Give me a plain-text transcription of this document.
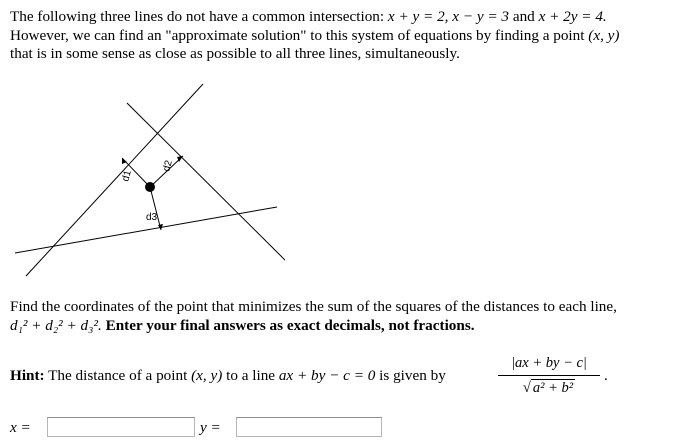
The following three lines do not have a common intersection: x + y = 2, x − y = 3 and x + 2y = 4.

However, we can find an "approximate solution" to this system of equations by finding a point (x, y)

that is in some sense as close as possible to all three lines, simultaneously.

d1
d2
d3

Find the coordinates of the point that minimizes the sum of the squares of the distances to each line,

d₁² + d₂² + d₃². Enter your final answers as exact decimals, not fractions.

Hint: The distance of a point (x, y) to a line ax + by − c = 0 is given by
|ax + by − c|
√ a² + b²
.
x =	y =
